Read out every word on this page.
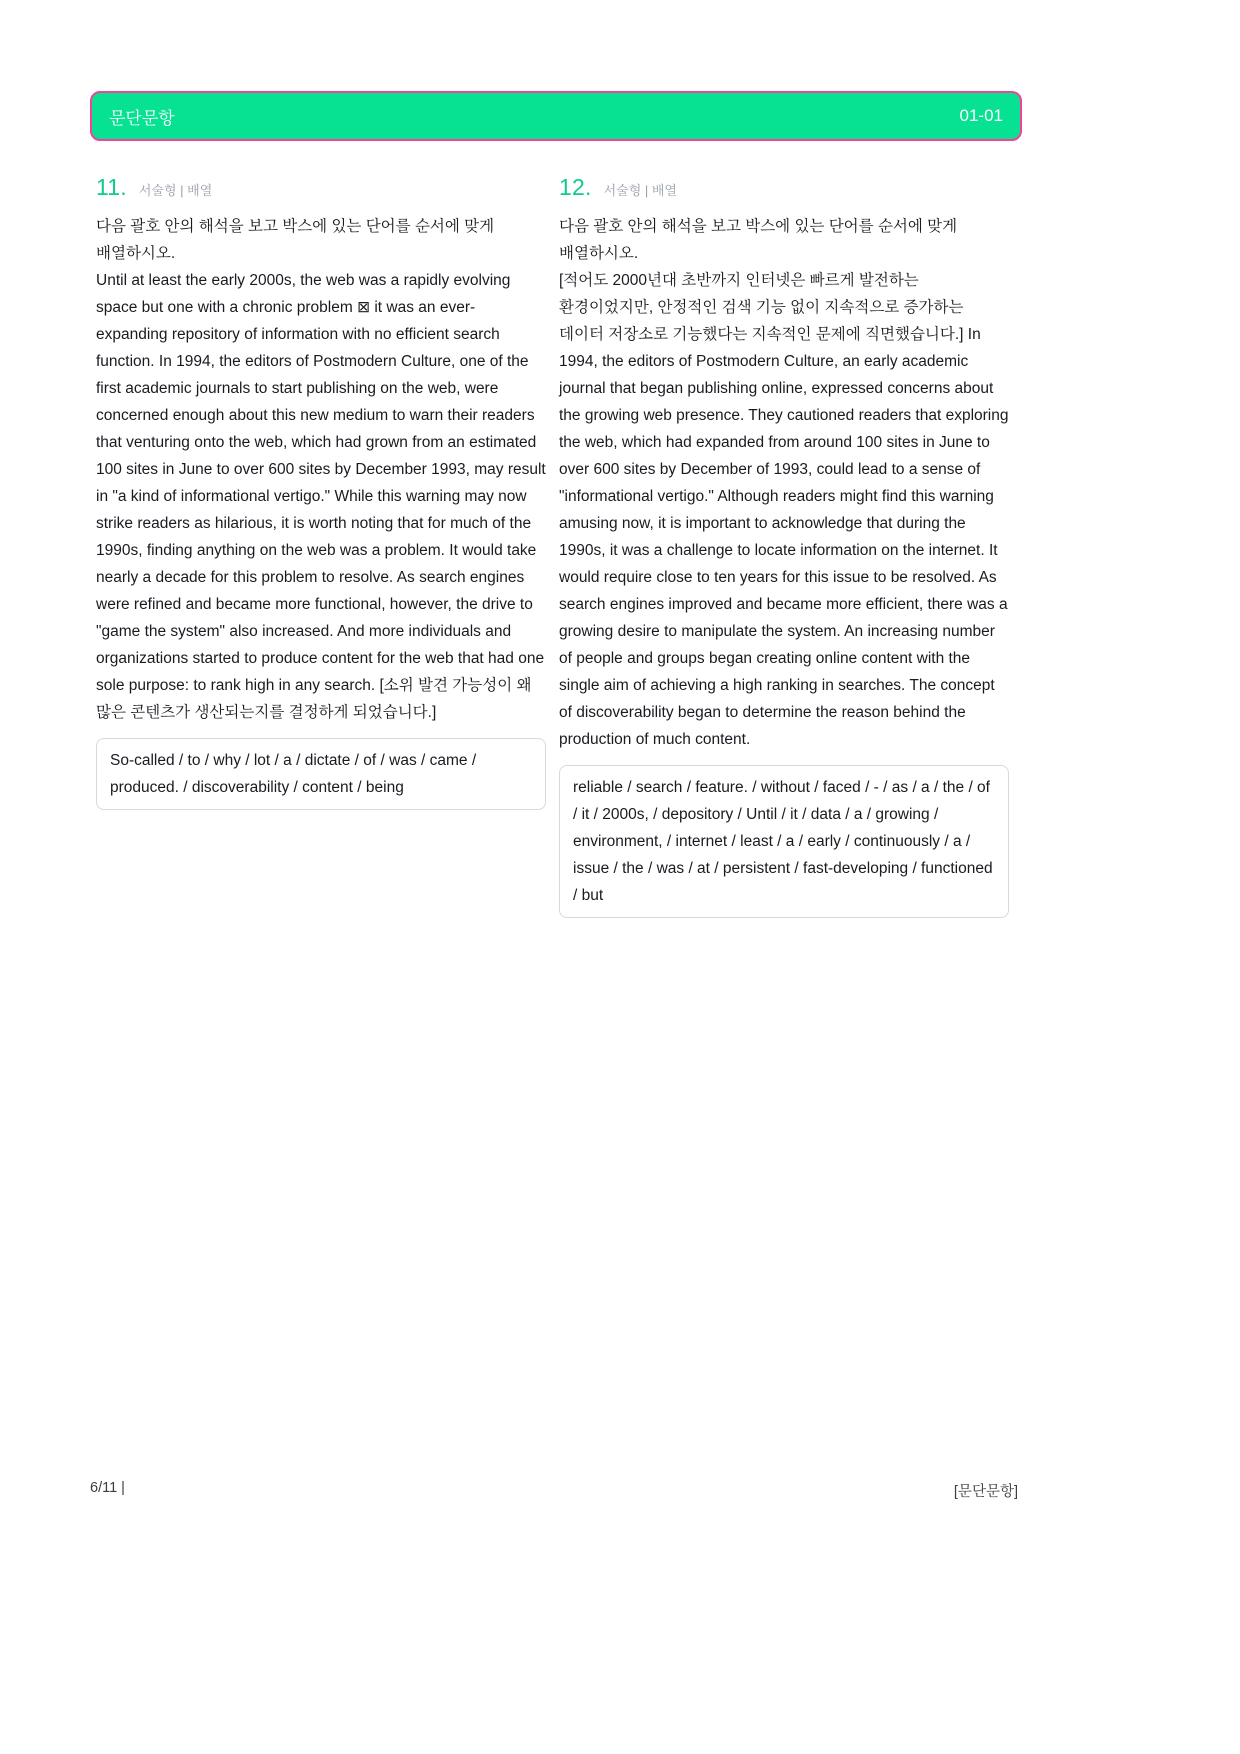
문단문항	01-01
11. 서술형 | 배열

다음 괄호 안의 해석을 보고 박스에 있는 단어를 순서에 맞게 배열하시오.

Until at least the early 2000s, the web was a rapidly evolving space but one with a chronic problem ⊠ it was an ever-expanding repository of information with no efficient search function. In 1994, the editors of Postmodern Culture, one of the first academic journals to start publishing on the web, were concerned enough about this new medium to warn their readers that venturing onto the web, which had grown from an estimated 100 sites in June to over 600 sites by December 1993, may result in "a kind of informational vertigo." While this warning may now strike readers as hilarious, it is worth noting that for much of the 1990s, finding anything on the web was a problem. It would take nearly a decade for this problem to resolve. As search engines were refined and became more functional, however, the drive to "game the system" also increased. And more individuals and organizations started to produce content for the web that had one sole purpose: to rank high in any search. [소위 발견 가능성이 왜 많은 콘텐츠가 생산되는지를 결정하게 되었습니다.]

So-called / to / why / lot / a / dictate / of / was / came / produced. / discoverability / content / being
12. 서술형 | 배열

다음 괄호 안의 해석을 보고 박스에 있는 단어를 순서에 맞게 배열하시오.

[적어도 2000년대 초반까지 인터넷은 빠르게 발전하는 환경이었지만, 안정적인 검색 기능 없이 지속적으로 증가하는 데이터 저장소로 기능했다는 지속적인 문제에 직면했습니다.] In 1994, the editors of Postmodern Culture, an early academic journal that began publishing online, expressed concerns about the growing web presence. They cautioned readers that exploring the web, which had expanded from around 100 sites in June to over 600 sites by December of 1993, could lead to a sense of "informational vertigo." Although readers might find this warning amusing now, it is important to acknowledge that during the 1990s, it was a challenge to locate information on the internet. It would require close to ten years for this issue to be resolved. As search engines improved and became more efficient, there was a growing desire to manipulate the system. An increasing number of people and groups began creating online content with the single aim of achieving a high ranking in searches. The concept of discoverability began to determine the reason behind the production of much content.

reliable / search / feature. / without / faced / - / as / a / the / of / it / 2000s, / depository / Until / it / data / a / growing / environment, / internet / least / a / early / continuously / a / issue / the / was / at / persistent / fast-developing / functioned / but
6/11 |	[문단문항]
